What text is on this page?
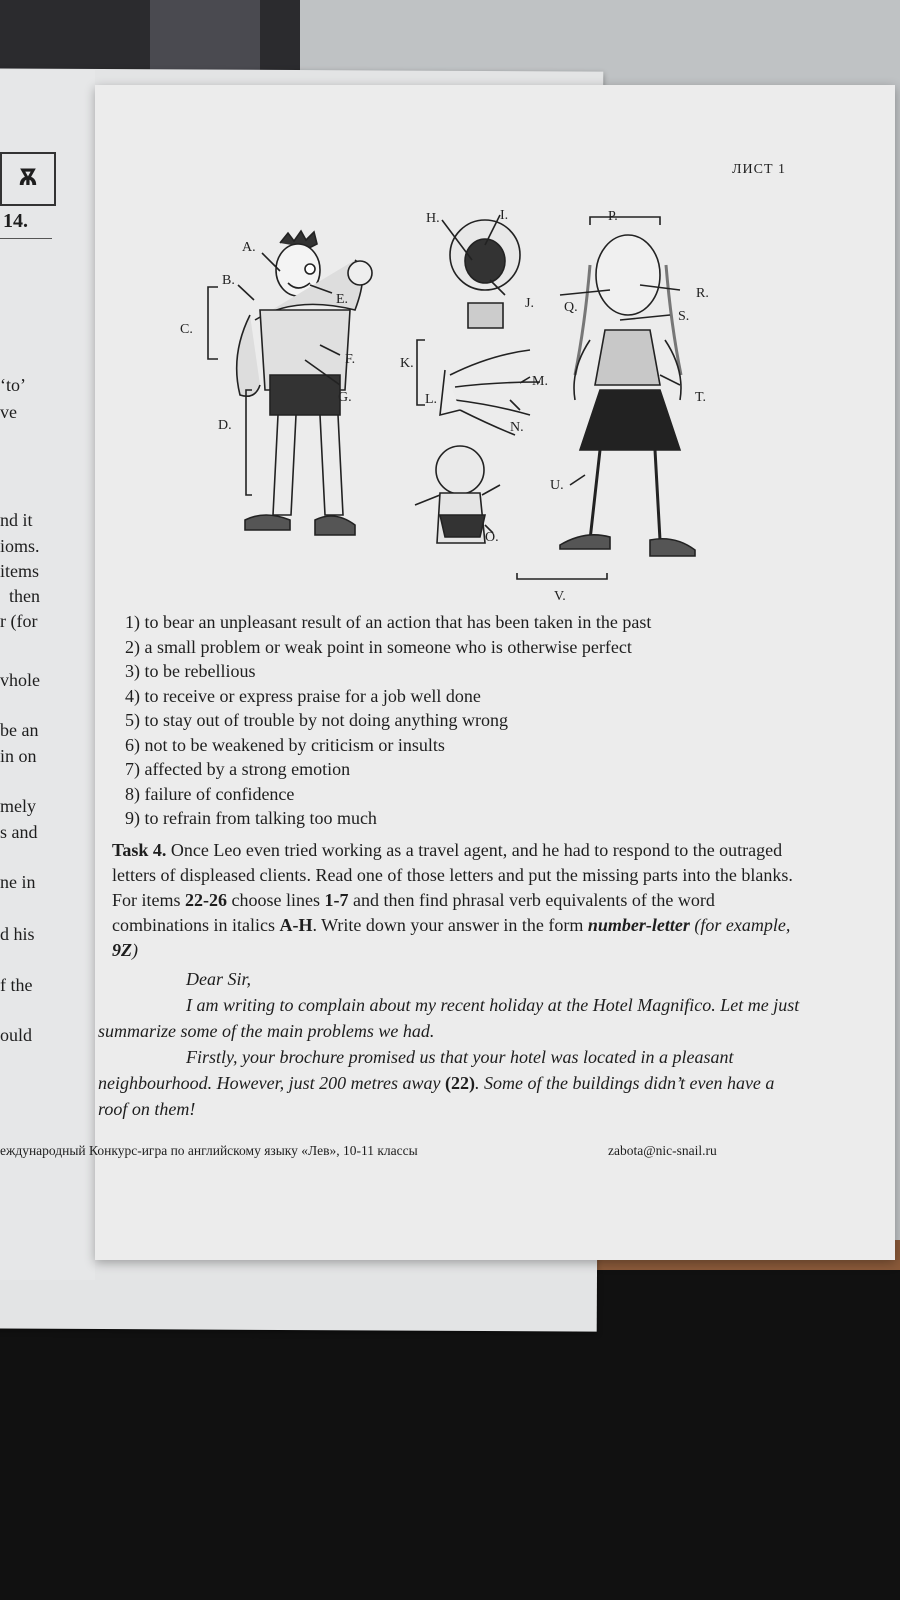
Ѫ
14.
‘to’
ve
nd it
ioms.
items
then
r (for
vhole
be an
in on
mely
s and
ne in
d his
f the
ould
ЛИСТ 1
A.
B.
C.
D.
E.
F.
G.
H.	I.
J.
K.
L.
M.
N.
O.
P.
Q.
R.
S.
T.
U.
V.
1) to bear an unpleasant result of an action that has been taken in the past
2) a small problem or weak point in someone who is otherwise perfect
3) to be rebellious
4) to receive or express praise for a job well done
5) to stay out of trouble by not doing anything wrong
6) not to be weakened by criticism or insults
7) affected by a strong emotion
8) failure of confidence
9) to refrain from talking too much
Task 4. Once Leo even tried working as a travel agent, and he had to respond to the outraged letters of displeased clients. Read one of those letters and put the missing parts into the blanks. For items 22-26 choose lines 1-7 and then find phrasal verb equivalents of the word combinations in italics A-H. Write down your answer in the form number-letter (for example, 9Z)
Dear Sir,
I am writing to complain about my recent holiday at the Hotel Magnifico. Let me just summarize some of the main problems we had.
Firstly, your brochure promised us that your hotel was located in a pleasant neighbourhood. However, just 200 metres away (22). Some of the buildings didn’t even have a roof on them!
еждународный Конкурс-игра по английскому языку «Лев», 10-11 классы	zabota@nic-snail.ru
